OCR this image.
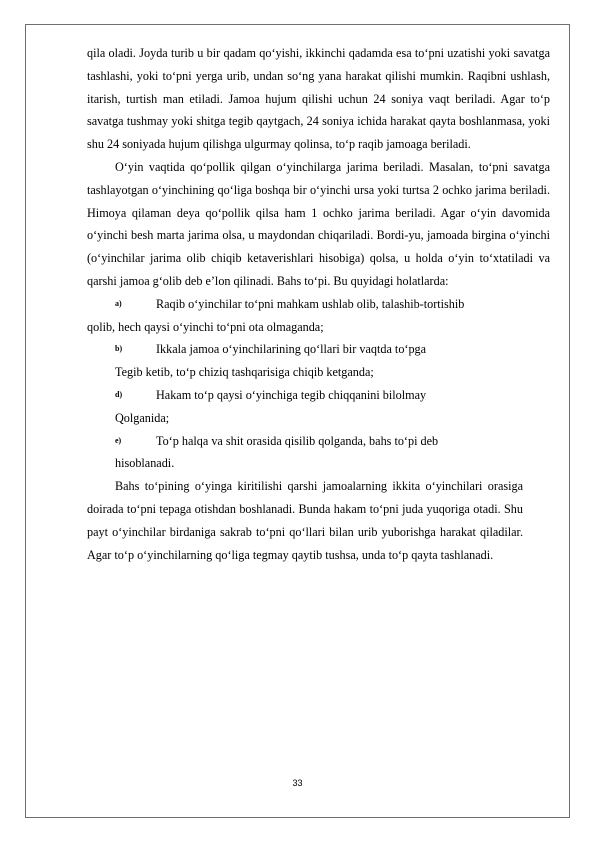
qila oladi. Joyda turib u bir qadam qo‘yishi, ikkinchi qadamda esa to‘pni uzatishi yoki savatga tashlashi, yoki to‘pni yerga urib, undan so‘ng yana harakat qilishi mumkin. Raqibni ushlash, itarish, turtish man etiladi. Jamoa hujum qilishi uchun 24 soniya vaqt beriladi. Agar to‘p savatga tushmay yoki shitga tegib qaytgach, 24 soniya ichida harakat qayta boshlanmasa, yoki shu 24 soniyada hujum qilishga ulgurmay qolinsa, to‘p raqib jamoaga beriladi.

O‘yin vaqtida qo‘pollik qilgan o‘yinchilarga jarima beriladi. Masalan, to‘pni savatga tashlayotgan o‘yinchining qo‘liga boshqa bir o‘yinchi ursa yoki turtsa 2 ochko jarima beriladi. Himoya qilaman deya qo‘pollik qilsa ham 1 ochko jarima beriladi. Agar o‘yin davomida o‘yinchi besh marta jarima olsa, u maydondan chiqariladi. Bordi-yu, jamoada birgina o‘yinchi (o‘yinchilar jarima olib chiqib ketaverishlari hisobiga) qolsa, u holda o‘yin to‘xtatiladi va qarshi jamoa g‘olib deb e’lon qilinadi. Bahs to‘pi. Bu quyidagi holatlarda:

a)	Raqib o‘yinchilar to‘pni mahkam ushlab olib, talashib-tortishib

qolib, hech qaysi o‘yinchi to‘pni ota olmaganda;

b)	Ikkala jamoa o‘yinchilarining qo‘llari bir vaqtda to‘pga

Tegib ketib, to‘p chiziq tashqarisiga chiqib ketganda;

d)	Hakam to‘p qaysi o‘yinchiga tegib chiqqanini bilolmay

Qolganida;

e)	To‘p halqa va shit orasida qisilib qolganda, bahs to‘pi deb

hisoblanadi.

Bahs to‘pining o‘yinga kiritilishi qarshi jamoalarning ikkita o‘yinchilari orasiga doirada to‘pni tepaga otishdan boshlanadi. Bunda hakam to‘pni juda yuqoriga otadi. Shu payt o‘yinchilar birdaniga sakrab to‘pni qo‘llari bilan urib yuborishga harakat qiladilar. Agar to‘p o‘yinchilarning qo‘liga tegmay qaytib tushsa, unda to‘p qayta tashlanadi.

33
